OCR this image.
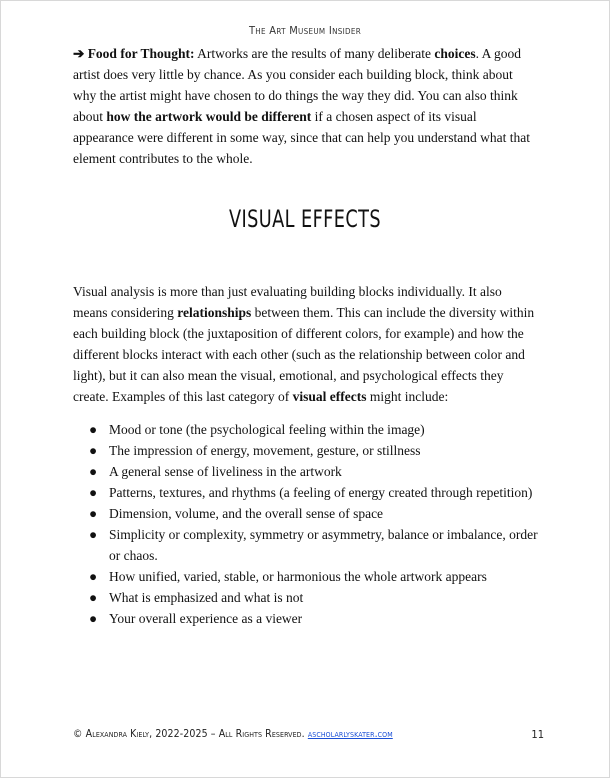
The Art Museum Insider

➔ Food for Thought: Artworks are the results of many deliberate choices. A good artist does very little by chance. As you consider each building block, think about why the artist might have chosen to do things the way they did. You can also think about how the artwork would be different if a chosen aspect of its visual appearance were different in some way, since that can help you understand what that element contributes to the whole.

VISUAL EFFECTS

Visual analysis is more than just evaluating building blocks individually. It also means considering relationships between them. This can include the diversity within each building block (the juxtaposition of different colors, for example) and how the different blocks interact with each other (such as the relationship between color and light), but it can also mean the visual, emotional, and psychological effects they create. Examples of this last category of visual effects might include:

● Mood or tone (the psychological feeling within the image)
● The impression of energy, movement, gesture, or stillness
● A general sense of liveliness in the artwork
● Patterns, textures, and rhythms (a feeling of energy created through repetition)
● Dimension, volume, and the overall sense of space
● Simplicity or complexity, symmetry or asymmetry, balance or imbalance, order or chaos.
● How unified, varied, stable, or harmonious the whole artwork appears
● What is emphasized and what is not
● Your overall experience as a viewer
© Alexandra Kiely, 2022-2025 – All Rights Reserved. ascholarlyskater.com	11
